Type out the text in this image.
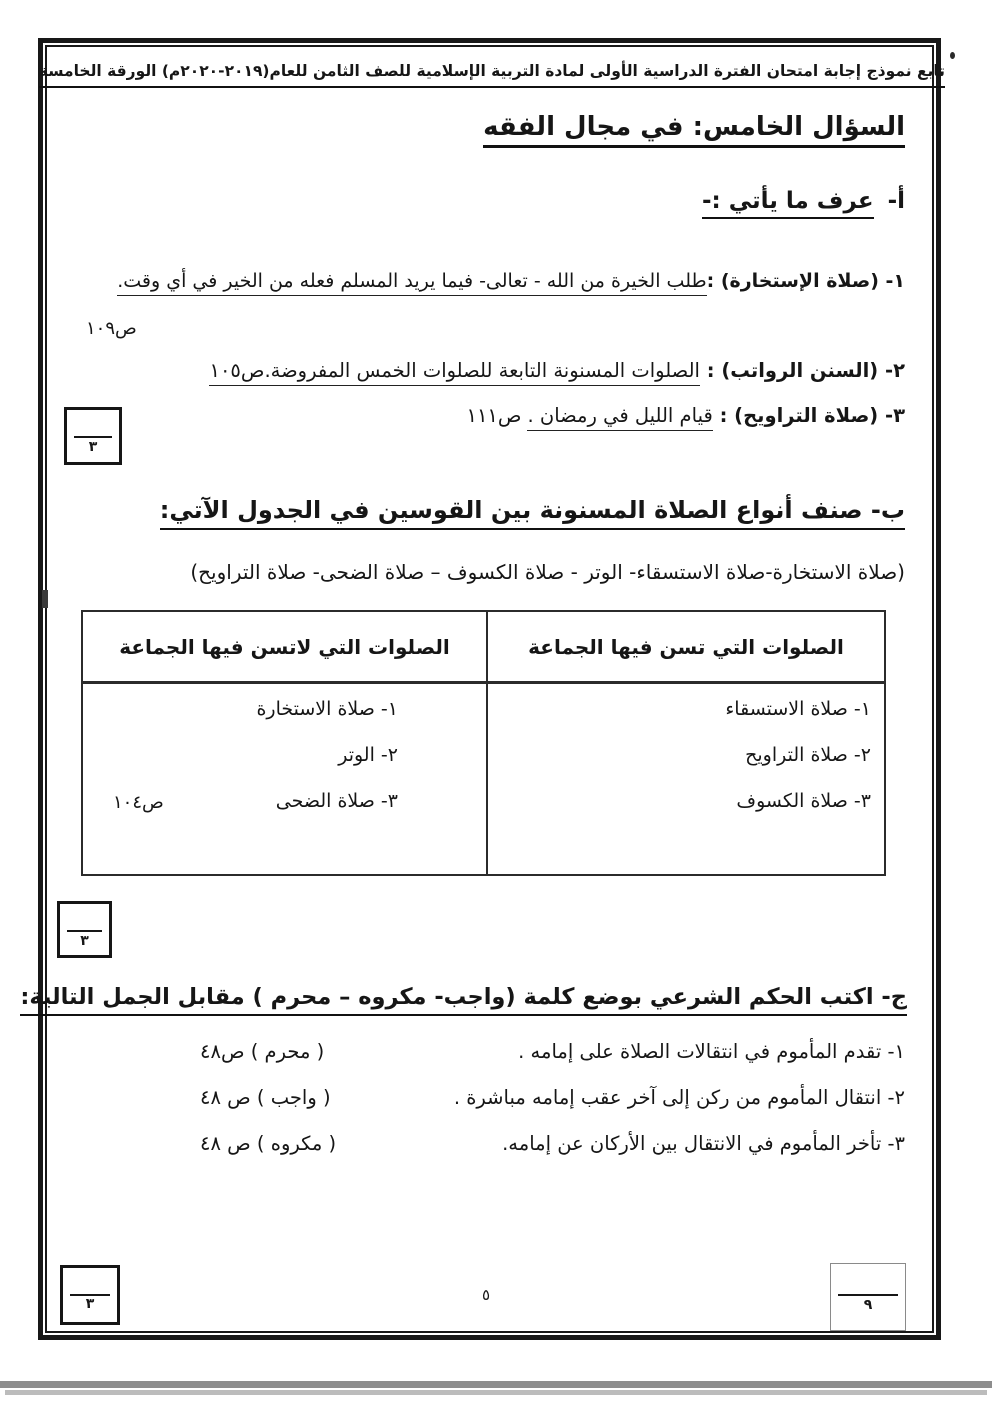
تابع نموذج إجابة امتحان الفترة الدراسية الأولى لمادة التربية الإسلامية للصف الثامن للعام(٢٠١٩-٢٠٢٠م) الورقة الخامسة
السؤال الخامس: في مجال الفقه
أ- عرف ما يأتي :-
١- (صلاة الإستخارة) :طلب الخيرة من الله - تعالى- فيما يريد المسلم فعله من الخير في أي وقت.
ص١٠٩
٢- (السنن الرواتب) : الصلوات المسنونة التابعة للصلوات الخمس المفروضة.ص١٠٥
٣- (صلاة التراويح) : قيام الليل في رمضان .ص١١١
٣
ب- صنف أنواع الصلاة المسنونة بين القوسين في الجدول الآتي:
(صلاة الاستخارة-صلاة الاستسقاء- الوتر - صلاة الكسوف – صلاة الضحى- صلاة التراويح)
الصلوات التي تسن فيها الجماعة
الصلوات التي لاتسن فيها الجماعة
١- صلاة الاستسقاء
٢- صلاة التراويح
٣- صلاة الكسوف
١- صلاة الاستخارة
٢- الوتر
٣- صلاة الضحى
ص١٠٤
٣
ج- اكتب الحكم الشرعي بوضع كلمة (واجب- مكروه – محرم ) مقابل الجمل التالية:
١- تقدم المأموم في انتقالات الصلاة على إمامه .
( محرم ) ص٤٨
٢- انتقال المأموم من ركن إلى آخر عقب إمامه مباشرة .
( واجب ) ص ٤٨
٣- تأخر المأموم في الانتقال بين الأركان عن إمامه.
( مكروه ) ص ٤٨
٣	٥
٩
